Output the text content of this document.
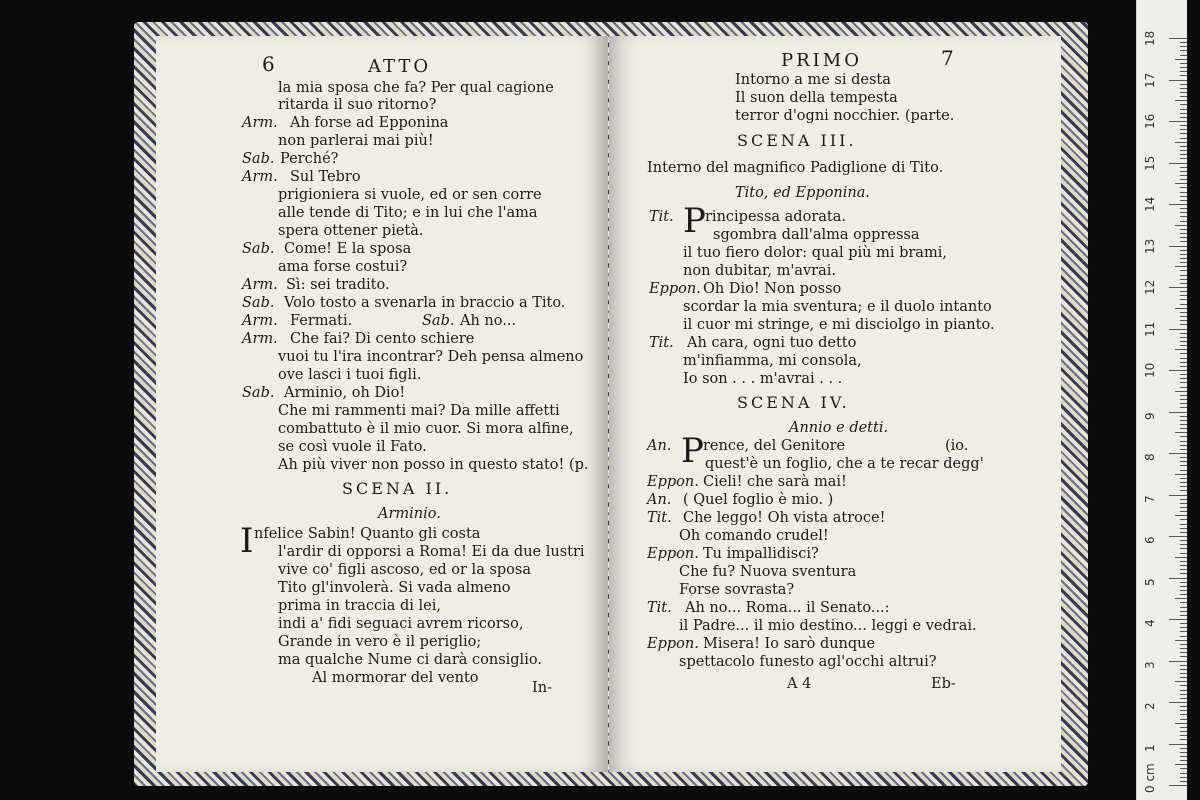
6	ATTO
la mia sposa che fa? Per qual cagione
ritarda il suo ritorno?
Arm. Ah forse ad Epponina
non parlerai mai più!
Sab. Perché?
Arm. Sul Tebro
prigioniera si vuole, ed or sen corre
alle tende di Tito; e in lui che l'ama
spera ottener pietà.
Sab. Come! E la sposa
ama forse costui?
Arm. Sì: sei tradito.
Sab. Volo tosto a svenarla in braccio a Tito.
Arm. Fermati.	Sab. Ah no...
Arm. Che fai? Di cento schiere
vuoi tu l'ira incontrar? Deh pensa almeno
ove lasci i tuoi figli.
Sab. Arminio, oh Dio!
Che mi rammenti mai? Da mille affetti
combattuto è il mio cuor. Si mora alfine,
se così vuole il Fato.
Ah più viver non posso in questo stato! (p.
SCENA II.
Arminio.
I nfelice Sabin! Quanto gli costa
l'ardir di opporsi a Roma! Ei da due lustri
vive co' figli ascoso, ed or la sposa
Tito gl'involerà. Si vada almeno
prima in traccia di lei,
indi a' fidi seguaci avrem ricorso,
Grande in vero è il periglio;
ma qualche Nume ci darà consiglio.
Al mormorar del vento
In-
PRIMO	7
Intorno a me si desta
Il suon della tempesta
terror d'ogni nocchier. (parte.
SCENA III.
Interno del magnifico Padiglione di Tito.
Tito, ed Epponina.
Tit. P rincipessa adorata.
sgombra dall'alma oppressa
il tuo fiero dolor: qual più mi brami,
non dubitar, m'avrai.
Eppon. Oh Dio! Non posso
scordar la mia sventura; e il duolo intanto
il cuor mi stringe, e mi disciolgo in pianto.
Tit. Ah cara, ogni tuo detto
m'infiamma, mi consola,
Io son . . . m'avrai . . .
SCENA IV.
Annio e detti.
An. P rence, del Genitore	(io.
quest'è un foglio, che a te recar degg'
Eppon. Cieli! che sarà mai!
An. ( Quel foglio è mio. )
Tit. Che leggo! Oh vista atroce!
Oh comando crudel!
Eppon. Tu impallidisci?
Che fu? Nuova sventura
Forse sovrasta?
Tit. Ah no... Roma... il Senato...:
il Padre... il mio destino... leggi e vedrai.
Eppon. Misera! Io sarò dunque
spettacolo funesto agl'occhi altrui?
A 4	Eb-
18
17
16
15
14
13
12
11
10
9
8
7
6
5
4
3
2
1
0 cm
